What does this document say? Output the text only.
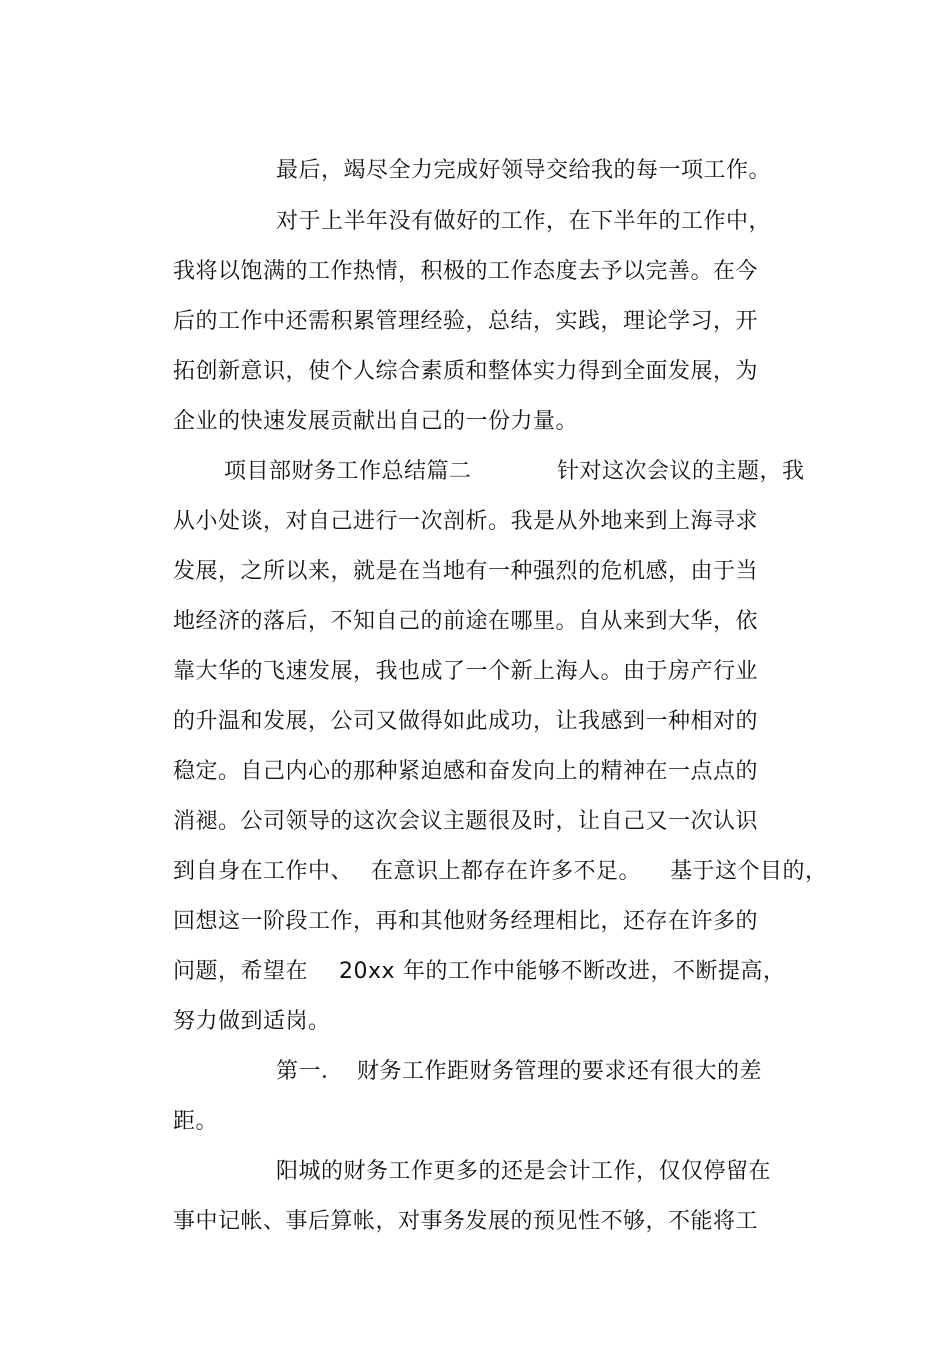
最后，竭尽全力完成好领导交给我的每一项工作。

对于上半年没有做好的工作，在下半年的工作中，

我将以饱满的工作热情，积极的工作态度去予以完善。在今

后的工作中还需积累管理经验，总结，实践，理论学习，开

拓创新意识，使个人综合素质和整体实力得到全面发展，为

企业的快速发展贡献出自己的一份力量。

项目部财务工作总结篇二
	针对这次会议的主题，我

从小处谈，对自己进行一次剖析。我是从外地来到上海寻求

发展，之所以来，就是在当地有一种强烈的危机感，由于当

地经济的落后，不知自己的前途在哪里。自从来到大华，依

靠大华的飞速发展，我也成了一个新上海人。由于房产行业

的升温和发展，公司又做得如此成功，让我感到一种相对的

稳定。自己内心的那种紧迫感和奋发向上的精神在一点点的

消褪。公司领导的这次会议主题很及时，让自己又一次认识

到自身在工作中、
在意识上都存在许多不足。
	基于这个目的，

回想这一阶段工作，再和其他财务经理相比，还存在许多的

问题，希望在
	20xx
年的工作中能够不断改进，不断提高，

努力做到适岗。

第一．
财务工作距财务管理的要求还有很大的差

距。

阳城的财务工作更多的还是会计工作，仅仅停留在

事中记帐、事后算帐，对事务发展的预见性不够，不能将工
